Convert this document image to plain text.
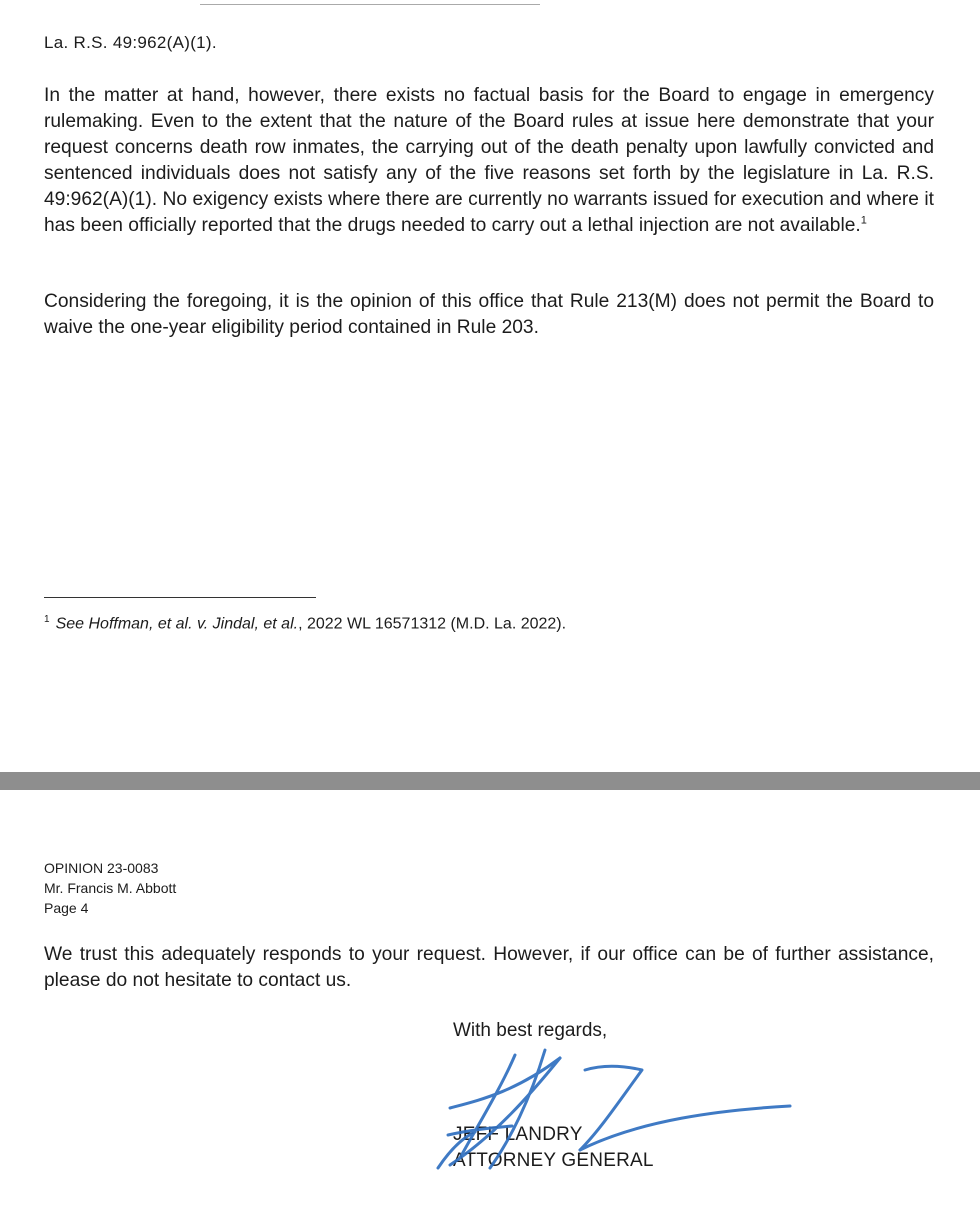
La. R.S. 49:962(A)(1).

In the matter at hand, however, there exists no factual basis for the Board to engage in emergency rulemaking. Even to the extent that the nature of the Board rules at issue here demonstrate that your request concerns death row inmates, the carrying out of the death penalty upon lawfully convicted and sentenced individuals does not satisfy any of the five reasons set forth by the legislature in La. R.S. 49:962(A)(1). No exigency exists where there are currently no warrants issued for execution and where it has been officially reported that the drugs needed to carry out a lethal injection are not available.$^1$

Considering the foregoing, it is the opinion of this office that Rule 213(M) does not permit the Board to waive the one-year eligibility period contained in Rule 203.

$^1$ See Hoffman, et al. v. Jindal, et al., 2022 WL 16571312 (M.D. La. 2022).
OPINION 23-0083
Mr. Francis M. Abbott
Page 4

We trust this adequately responds to your request. However, if our office can be of further assistance, please do not hesitate to contact us.

With best regards,
JEFF LANDRY
ATTORNEY GENERAL
